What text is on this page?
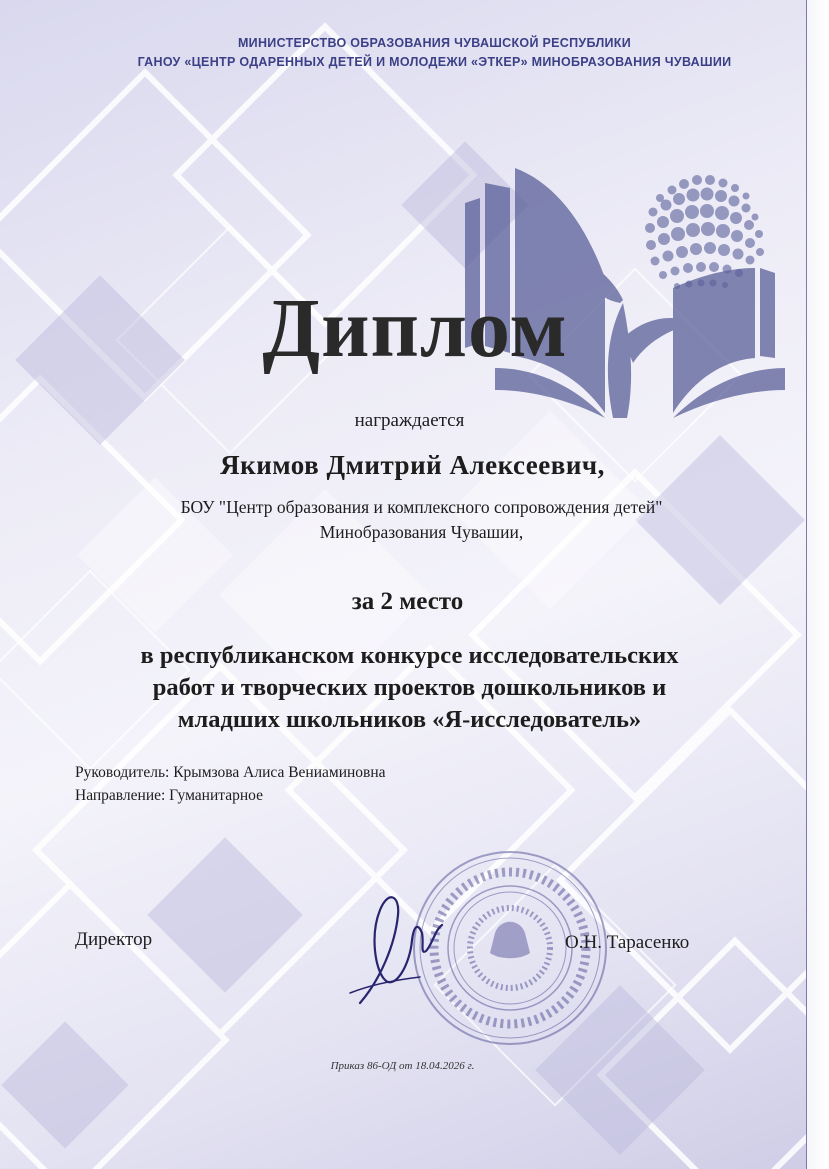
МИНИСТЕРСТВО ОБРАЗОВАНИЯ ЧУВАШСКОЙ РЕСПУБЛИКИ
ГАНОУ «ЦЕНТР ОДАРЕННЫХ ДЕТЕЙ И МОЛОДЕЖИ «ЭТКЕР» МИНОБРАЗОВАНИЯ ЧУВАШИИ
Диплом
награждается
Якимов Дмитрий Алексеевич,
БОУ "Центр образования и комплексного сопровождения детей"
Минобразования Чувашии,
за 2 место
в республиканском конкурсе исследовательских
работ и творческих проектов дошкольников и
младших школьников «Я-исследователь»
Руководитель: Крымзова Алиса Вениаминовна
Направление: Гуманитарное
Директор	О.Н. Тарасенко
Приказ 86-ОД от 18.04.2026 г.
